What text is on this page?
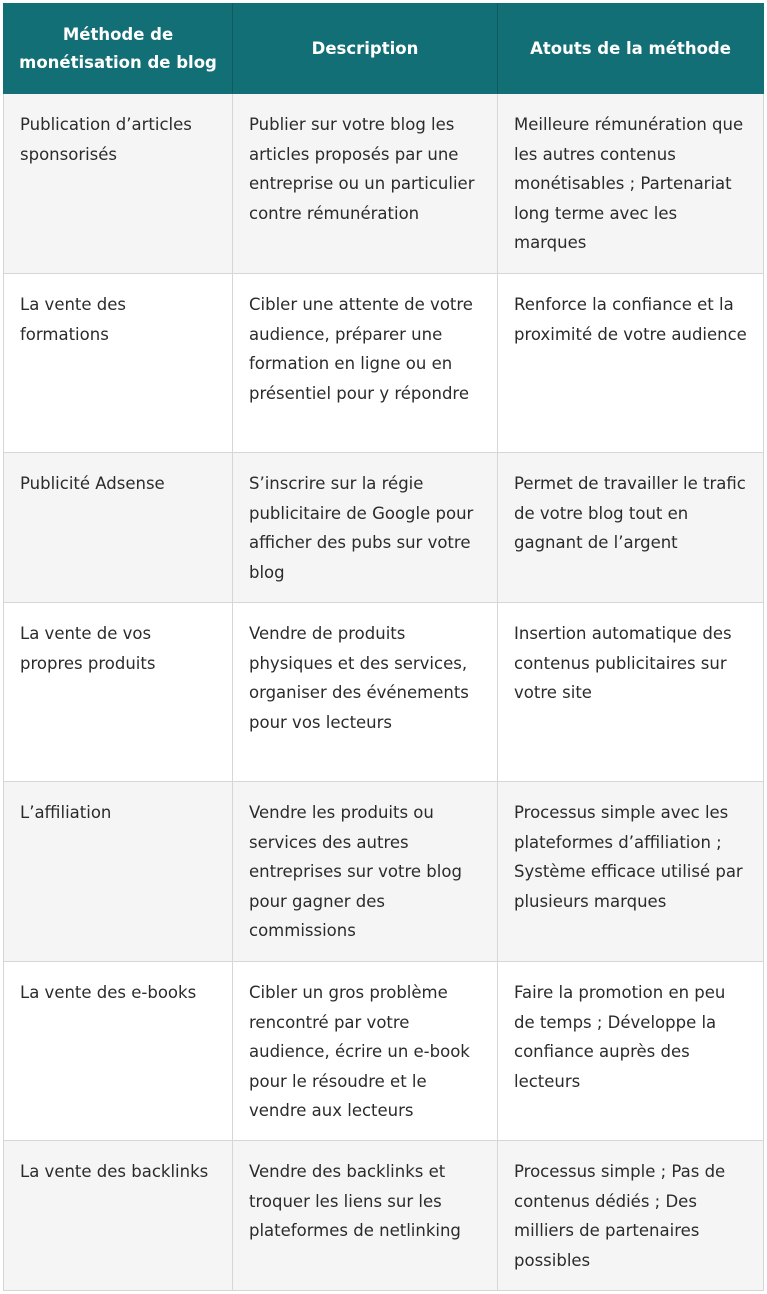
Méthode de monétisation de blog	Description	Atouts de la méthode
Publication d’articles sponsorisés	Publier sur votre blog les articles proposés par une entreprise ou un particulier contre rémunération	Meilleure rémunération que les autres contenus monétisables ; Partenariat long terme avec les marques
La vente des formations	Cibler une attente de votre audience, préparer une formation en ligne ou en présentiel pour y répondre	Renforce la confiance et la proximité de votre audience
Publicité Adsense	S’inscrire sur la régie publicitaire de Google pour afficher des pubs sur votre blog	Permet de travailler le trafic de votre blog tout en gagnant de l’argent
La vente de vos propres produits	Vendre de produits physiques et des services, organiser des événements pour vos lecteurs	Insertion automatique des contenus publicitaires sur votre site
L’affiliation	Vendre les produits ou services des autres entreprises sur votre blog pour gagner des commissions	Processus simple avec les plateformes d’affiliation ; Système efficace utilisé par plusieurs marques
La vente des e-books	Cibler un gros problème rencontré par votre audience, écrire un e-book pour le résoudre et le vendre aux lecteurs	Faire la promotion en peu de temps ; Développe la confiance auprès des lecteurs
La vente des backlinks	Vendre des backlinks et troquer les liens sur les plateformes de netlinking	Processus simple ; Pas de contenus dédiés ; Des milliers de partenaires possibles
